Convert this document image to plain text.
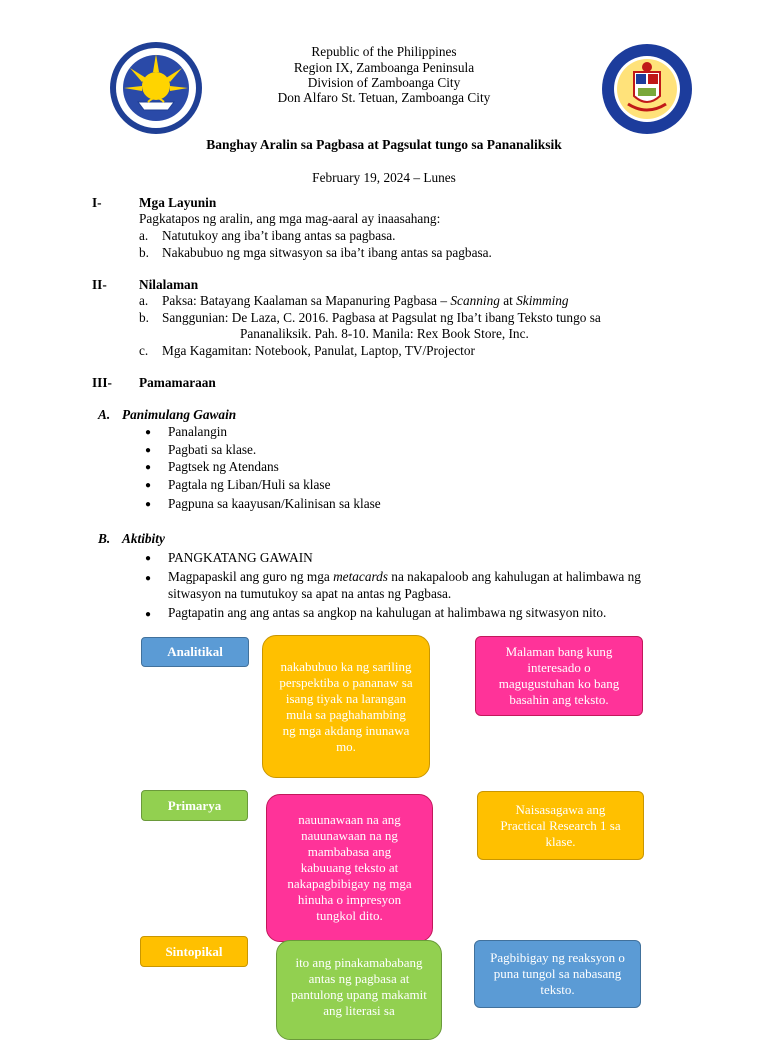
Republic of the Philippines
Region IX, Zamboanga Peninsula
Division of Zamboanga City
Don Alfaro St. Tetuan, Zamboanga City
Banghay Aralin sa Pagbasa at Pagsulat tungo sa Pananaliksik
February 19, 2024 – Lunes
I-	Mga Layunin
Pagkatapos ng aralin, ang mga mag-aaral ay inaasahang:
a. Natutukoy ang iba’t ibang antas sa pagbasa.
b. Nakabubuo ng mga sitwasyon sa iba’t ibang antas sa pagbasa.
II- Nilalaman
a. Paksa: Batayang Kaalaman sa Mapanuring Pagbasa – Scanning at Skimming
b. Sanggunian: De Laza, C. 2016. Pagbasa at Pagsulat ng Iba’t ibang Teksto tungo sa
Pananaliksik. Pah. 8-10. Manila: Rex Book Store, Inc.
c. Mga Kagamitan: Notebook, Panulat, Laptop, TV/Projector
III- Pamamaraan
A. Panimulang Gawain
● Panalangin
● Pagbati sa klase.
● Pagtsek ng Atendans
● Pagtala ng Liban/Huli sa klase
● Pagpuna sa kaayusan/Kalinisan sa klase
B. Aktibity
● PANGKATANG GAWAIN
● Magpapaskil ang guro ng mga metacards na nakapaloob ang kahulugan at halimbawa ng
sitwasyon na tumutukoy sa apat na antas ng Pagbasa.
● Pagtapatin ang ang antas sa angkop na kahulugan at halimbawa ng sitwasyon nito.
Analitikal
Primarya
Sintopikal
nakabubuo ka ng sariling perspektiba o pananaw sa isang tiyak na larangan mula sa paghahambing ng mga akdang inunawa mo.
nauunawaan na ang nauunawaan na ng mambabasa ang kabuuang teksto at nakapagbibigay ng mga hinuha o impresyon tungkol dito.
ito ang pinakamababang antas ng pagbasa at pantulong upang makamit ang literasi sa
Malaman bang kung interesado o magugustuhan ko bang basahin ang teksto.
Naisasagawa ang Practical Research 1 sa klase.
Pagbibigay ng reaksyon o puna tungol sa nabasang teksto.
